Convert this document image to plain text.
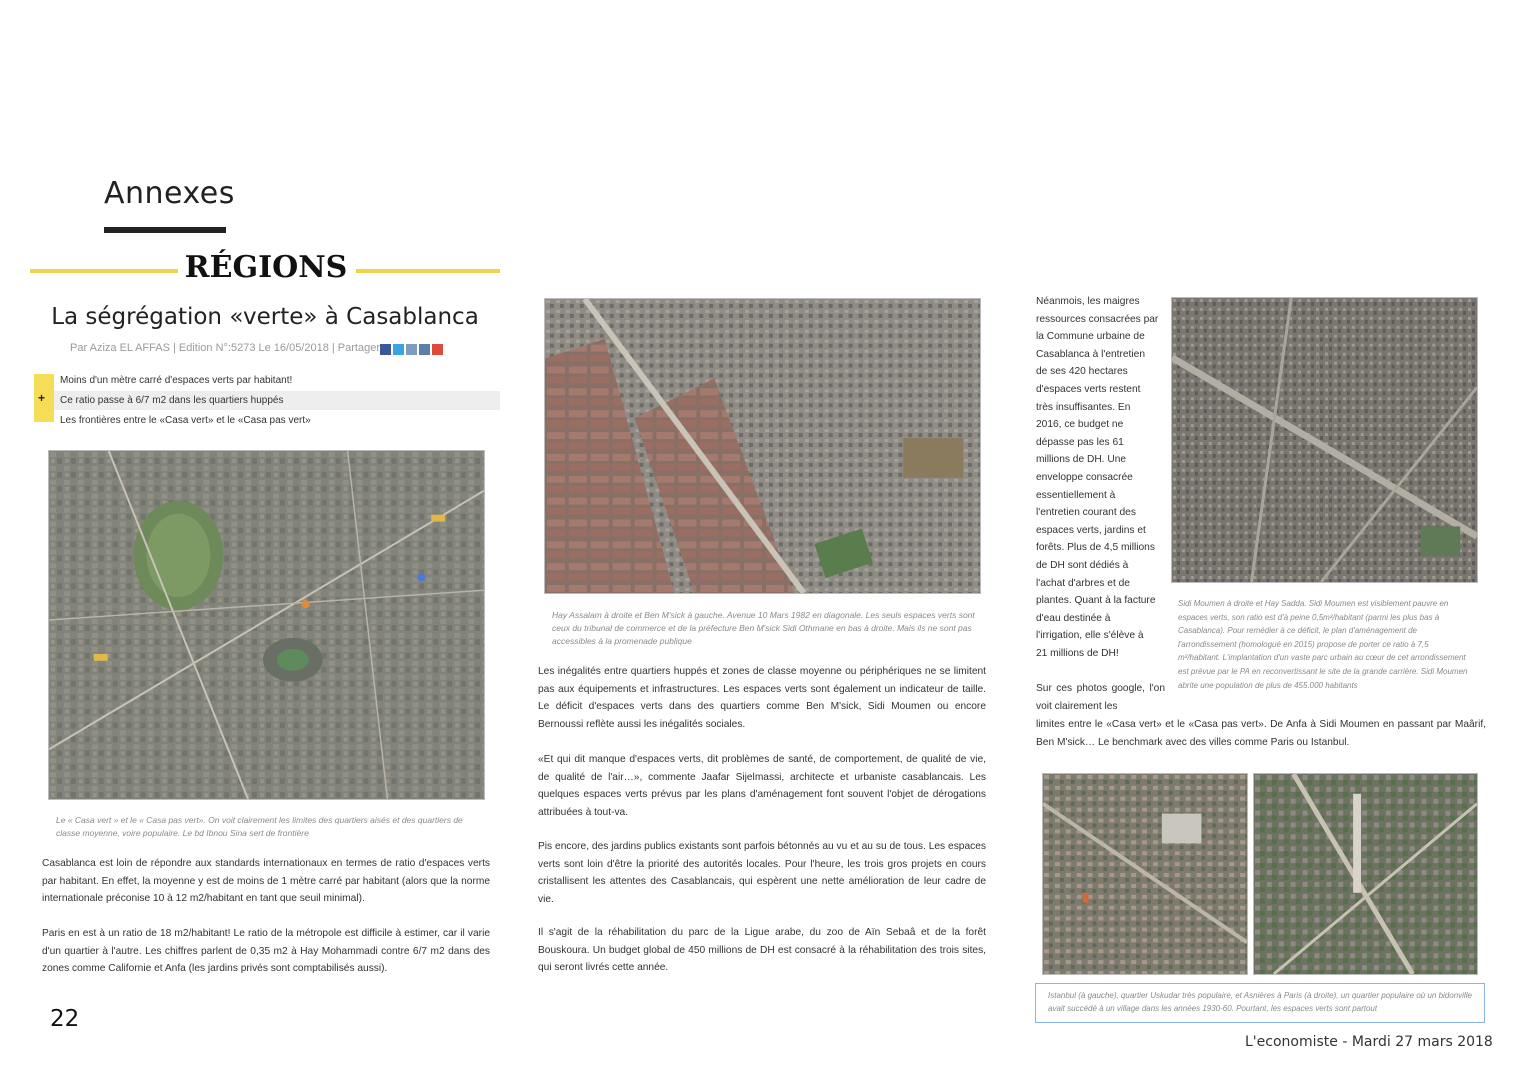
Annexes
RÉGIONS
La ségrégation «verte» à Casablanca
Par Aziza EL AFFAS | Edition N°:5273 Le 16/05/2018 | Partager
+
Moins d'un mètre carré d'espaces verts par habitant!
Ce ratio passe à 6/7 m2 dans les quartiers huppés
Les frontières entre le «Casa vert» et le «Casa pas vert»
Le « Casa vert » et le « Casa pas vert». On voit clairement les limites des quartiers aisés et des quartiers de classe moyenne, voire populaire. Le bd Ibnou Sina sert de frontière
Casablanca est loin de répondre aux standards internationaux en termes de ratio d'espaces verts par habitant. En effet, la moyenne y est de moins de 1 mètre carré par habitant (alors que la norme internationale préconise 10 à 12 m2/habitant en tant que seuil minimal).
Paris en est à un ratio de 18 m2/habitant! Le ratio de la métropole est difficile à estimer, car il varie d'un quartier à l'autre. Les chiffres parlent de 0,35 m2 à Hay Mohammadi contre 6/7 m2 dans des zones comme Californie et Anfa (les jardins privés sont comptabilisés aussi).
Hay Assalam à droite et Ben M'sick à gauche. Avenue 10 Mars 1982 en diagonale. Les seuls espaces verts sont ceux du tribunal de commerce et de la préfecture Ben M'sick Sidi Othmane en bas à droite. Mais ils ne sont pas accessibles à la promenade publique
Les inégalités entre quartiers huppés et zones de classe moyenne ou périphériques ne se limitent pas aux équipements et infrastructures. Les espaces verts sont également un indicateur de taille. Le déficit d'espaces verts dans des quartiers comme Ben M'sick, Sidi Moumen ou encore Bernoussi reflète aussi les inégalités sociales.
«Et qui dit manque d'espaces verts, dit problèmes de santé, de comportement, de qualité de vie, de qualité de l'air…», commente Jaafar Sijelmassi, architecte et urbaniste casablancais. Les quelques espaces verts prévus par les plans d'aménagement font souvent l'objet de dérogations attribuées à tout-va.
Pis encore, des jardins publics existants sont parfois bétonnés au vu et au su de tous. Les espaces verts sont loin d'être la priorité des autorités locales. Pour l'heure, les trois gros projets en cours cristallisent les attentes des Casablancais, qui espèrent une nette amélioration de leur cadre de vie.
Il s'agit de la réhabilitation du parc de la Ligue arabe, du zoo de Aïn Sebaâ et de la forêt Bouskoura. Un budget global de 450 millions de DH est consacré à la réhabilitation des trois sites, qui seront livrés cette année.
Néanmois, les maigres
ressources consacrées par
la Commune urbaine de
Casablanca à l'entretien
de ses 420 hectares
d'espaces verts restent
très insuffisantes. En
2016, ce budget ne
dépasse pas les 61
millions de DH. Une
enveloppe consacrée
essentiellement à
l'entretien courant des
espaces verts, jardins et
forêts. Plus de 4,5 millions
de DH sont dédiés à
l'achat d'arbres et de
plantes. Quant à la facture
d'eau destinée à
l'irrigation, elle s'élève à
21 millions de DH!
Sidi Moumen à droite et Hay Sadda. Sidi Moumen est visiblement pauvre en espaces verts, son ratio est d'à peine 0,5m²/habitant (parmi les plus bas à Casablanca). Pour remédier à ce déficit, le plan d'aménagement de l'arrondissement (homologué en 2015) propose de porter ce ratio à 7,5 m²/habitant. L'implantation d'un vaste parc urbain au cœur de cet arrondissement est prévue par le PA en reconvertissant le site de la grande carrière. Sidi Moumen abrite une population de plus de 455.000 habitants
Sur ces photos google, l'on voit clairement les
limites entre le «Casa vert» et le «Casa pas vert». De Anfa à Sidi Moumen en passant par Maârif, Ben M'sick… Le benchmark avec des villes comme Paris ou Istanbul.
Istanbul (à gauche), quartier Uskudar très populaire, et Asnières à Paris (à droite), un quartier populaire où un bidonville avait succédé à un village dans les années 1930-60. Pourtant, les espaces verts sont partout
22
L'economiste - Mardi 27 mars 2018
